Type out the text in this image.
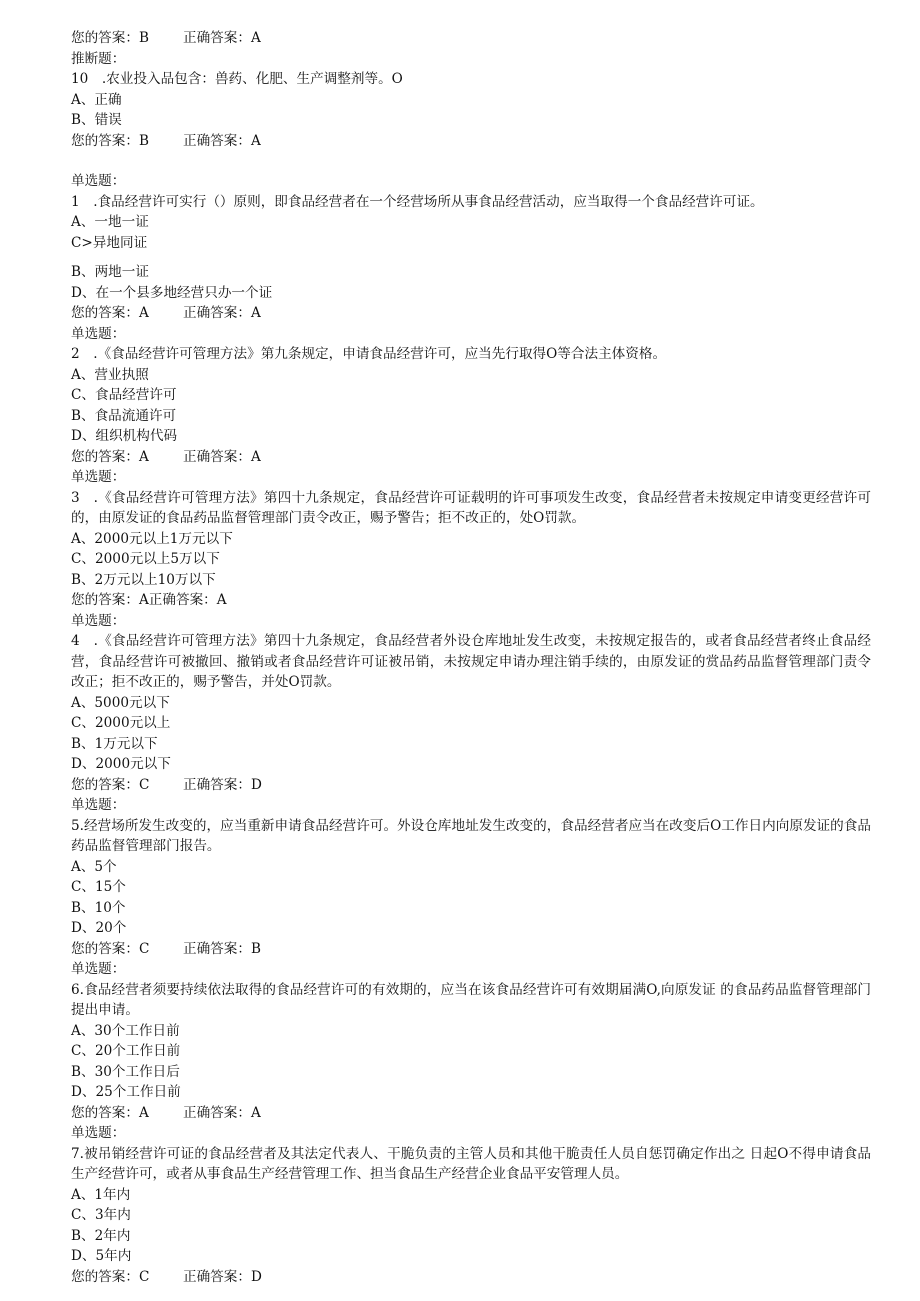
您的答案：B	正确答案：A
推断题：
10　.农业投入品包含：兽药、化肥、生产调整剂等。O
A、正确
B、错误
您的答案：B	正确答案：A
单选题：
1　.食品经营许可实行（）原则，即食品经营者在一个经营场所从事食品经营活动，应当取得一个食品经营许可证。
A、一地一证
C>异地同证
B、两地一证
D、在一个县多地经营只办一个证
您的答案：A	正确答案：A
单选题：
2　.《食品经营许可管理方法》第九条规定，申请食品经营许可，应当先行取得O等合法主体资格。
A、营业执照
C、食品经营许可
B、食品流通许可
D、组织机构代码
您的答案：A	正确答案：A
单选题：
3　.《食品经营许可管理方法》第四十九条规定，食品经营许可证载明的许可事项发生改变，食品经营者未按规定申请变更经营许可的，由原发证的食品药品监督管理部门责令改正，赐予警告；拒不改正的，处O罚款。
A、2000元以上1万元以下
C、2000元以上5万以下
B、2万元以上10万以下
您的答案：A正确答案：A
单选题：
4　.《食品经营许可管理方法》第四十九条规定，食品经营者外设仓库地址发生改变，未按规定报告的，或者食品经营者终止食品经营，食品经营许可被撤回、撤销或者食品经营许可证被吊销，未按规定申请办理注销手续的，由原发证的赏品药品监督管理部门责令改正；拒不改正的，赐予警告，并处O罚款。
A、5000元以下
C、2000元以上
B、1万元以下
D、2000元以下
您的答案：C 正确答案：D
单选题：
5.经营场所发生改变的，应当重新申请食品经营许可。外设仓库地址发生改变的，食品经营者应当在改变后O工作日内向原发证的食品药品监督管理部门报告。
A、5个
C、15个
B、10个
D、20个
您的答案：C 正确答案：B
单选题：
6.食品经营者须要持续依法取得的食品经营许可的有效期的，应当在该食品经营许可有效期届满O,向原发证 的食品药品监督管理部门提出申请。
A、30个工作日前
C、20个工作日前
B、30个工作日后
D、25个工作日前
您的答案：A	正确答案：A
单选题：
7.被吊销经营许可证的食品经营者及其法定代表人、干脆负责的主管人员和其他干脆责任人员自惩罚确定作出之 日起O不得申请食品生产经营许可，或者从事食品生产经营管理工作、担当食品生产经营企业食品平安管理人员。
A、1年内
C、3年内
B、2年内
D、5年内
您的答案：C 正确答案：D
